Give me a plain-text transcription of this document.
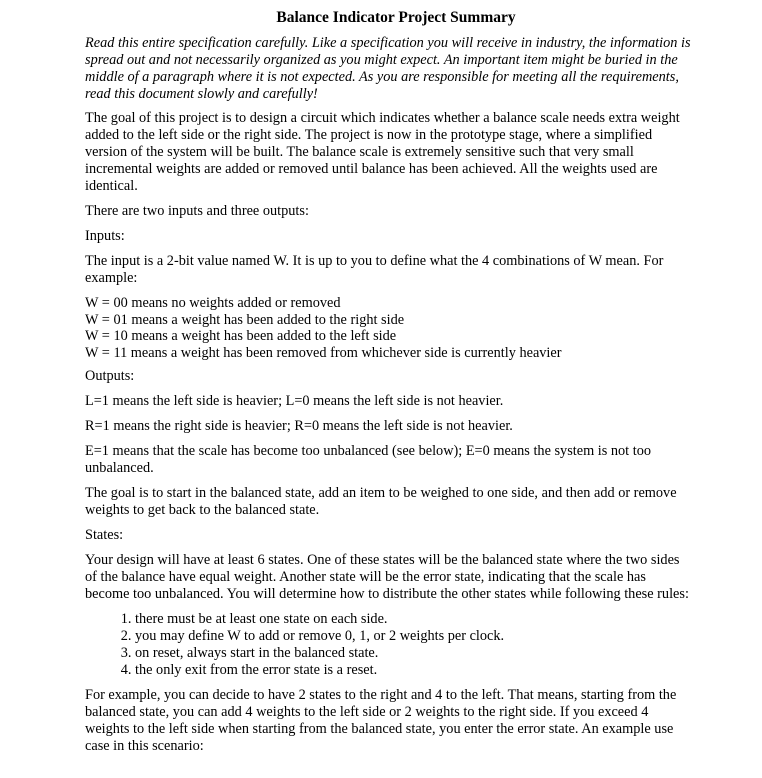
Balance Indicator Project Summary

Read this entire specification carefully. Like a specification you will receive in industry, the information is spread out and not necessarily organized as you might expect. An important item might be buried in the middle of a paragraph where it is not expected. As you are responsible for meeting all the requirements, read this document slowly and carefully!

The goal of this project is to design a circuit which indicates whether a balance scale needs extra weight added to the left side or the right side. The project is now in the prototype stage, where a simplified version of the system will be built. The balance scale is extremely sensitive such that very small incremental weights are added or removed until balance has been achieved. All the weights used are identical.

There are two inputs and three outputs:

Inputs:

The input is a 2-bit value named W. It is up to you to define what the 4 combinations of W mean. For example:

W = 00 means no weights added or removed
W = 01 means a weight has been added to the right side
W = 10 means a weight has been added to the left side
W = 11 means a weight has been removed from whichever side is currently heavier

Outputs:

L=1 means the left side is heavier; L=0 means the left side is not heavier.

R=1 means the right side is heavier; R=0 means the left side is not heavier.

E=1 means that the scale has become too unbalanced (see below); E=0 means the system is not too unbalanced.

The goal is to start in the balanced state, add an item to be weighed to one side, and then add or remove weights to get back to the balanced state.

States:

Your design will have at least 6 states. One of these states will be the balanced state where the two sides of the balance have equal weight. Another state will be the error state, indicating that the scale has become too unbalanced. You will determine how to distribute the other states while following these rules:

1. there must be at least one state on each side.
2. you may define W to add or remove 0, 1, or 2 weights per clock.
3. on reset, always start in the balanced state.
4. the only exit from the error state is a reset.

For example, you can decide to have 2 states to the right and 4 to the left. That means, starting from the balanced state, you can add 4 weights to the left side or 2 weights to the right side. If you exceed 4 weights to the left side when starting from the balanced state, you enter the error state. An example use case in this scenario:
